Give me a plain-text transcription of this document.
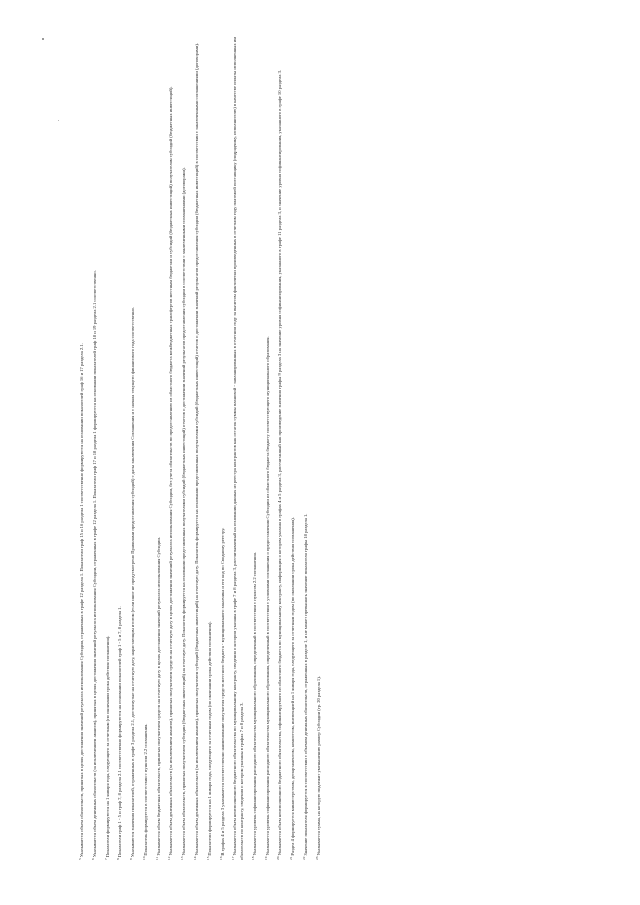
$^5$Указывается объем обязательств, принятых в целях достижения значений результата использования Субсидии, отраженных в графе 12 раздела 1. Показатели граф 15 и 16 раздела 1 соответственно формируются на основании показателей граф 16 и 17 раздела 2.1.

$^6$Указывается объем денежных обязательств (за исключением авансов), принятых в целях достижения значений результата использования Субсидии, отраженных в графе 12 раздела 1. Показатели граф 17 и 18 раздела 1 формируются на основании показателей граф 18 и 19 раздела 2.1 соответственно.

$^7$Показатели формируются на 1 января года, следующего за отчетным (по окончании срока действия соглашения).

$^8$Показатели граф 1 - 5 и граф 7, 8 раздела 2.1 соответственно формируются на основании показателей граф 1 - 5 и 7, 8 раздела 1.

$^9$Указываются значения показателей, отраженных в графе 3 раздела 2.1, достигнутые на отчетную дату, нарастающим итогом (если иное не предусмотрено Правилами предоставления субсидий) с даты заключения Соглашения и с начала текущего финансового года соответственно.

$^{10}$Показатель формируется в соответствии с пунктом 2.2 соглашения.

$^{11}$Указывается объем бюджетных обязательств, принятых получателем средств на отчетную дату в целях достижения значений результата использования Субсидии.

$^{12}$Указывается объем денежных обязательств (за исключением авансов), принятых получателем средств на отчетную дату в целях достижения значений результата использования Субсидии, без учета обязательств по предоставлению из областного бюджета межбюджетных трансфертов местным бюджетам и субсидий (бюджетных инвестиций) получателям субсидий (бюджетных инвестиций).

$^{13}$Указывается объем обязательств, принятых получателем субсидии (бюджетных инвестиций) на отчетную дату. Показатель формируется на основании представленных получателями субсидий (бюджетных инвестиций) отчетов о достижении значений результатов предоставления субсидии в соответствии с заключенными соглашениями (договорами).

$^{14}$Указывается объем денежных обязательств (за исключением авансов), принятых получателем субсидий (бюджетных инвестиций) на отчетную дату. Показатель формируется на основании представленных получателями субсидий (бюджетных инвестиций) отчетов о достижении значений результатов предоставления субсидии (бюджетных инвестиций) в соответствии с заключенными соглашениями (договорами).

$^{15}$Показатели формируются на 1 января года, следующего за отчетным годом (по окончании срока действия соглашения).

$^{16}$В графах 4 и 5 раздела 3 указывается соответственно наименование получателя средств местного бюджета - муниципального заказчика и его код по Сводному реестру.

$^{17}$Указывается объем неисполненного бюджетного обязательства по муниципальному контракту, сведения о котором указаны в графе 7 и 8 раздела 3, рассчитываемый на основании данных из реестра контрактов как остаток суммы плановой - запланированных в отчетном году за вычетом фактически произведенных в отчетном году платежей поставщику (подрядчику, исполнителю) в качестве оплаты исполненных им обязательств по контракту, сведения о котором указаны в графах 7 и 8 раздела 3.	$^{18}$Указывается уровень софинансирования расходного обязательства муниципального образования, определенный в соответствии с пунктом 2.2 соглашения.

$^{19}$Указывается уровень софинансирования расходного обязательства муниципального образования, определенный в соответствии с условиями соглашения о предоставлении Субсидии из областного бюджета бюджету соответствующего муниципального образования.

$^{20}$Указывается объем неисполненного бюджетного обязательства, софинансируемого из областного бюджета по муниципальному контракту, информация о котором указана в графах 4 и 5 раздела 3, рассчитанный как произведение значения графы 9 раздела 3 на значение уровня софинансирования, указанного в графе 11 раздела 3, и значение уровня софинансирования, указанного в графе 10 раздела 3.

$^{21}$Раздел 4 формируется министерством, департаментом, комитетом, инспекцией на 1 января года, следующего за отчетным годом (по окончании срока действия соглашения).

$^{22}$Значение показателя формируется в соответствии с объемом денежных обязательств, отраженных в разделе 1, и не может превышать значение показателя графы 18 раздела 1.

$^{23}$Указывается сумма, на которую подлежит уменьшению размер Субсидии (гр. 20 раздела 1).
